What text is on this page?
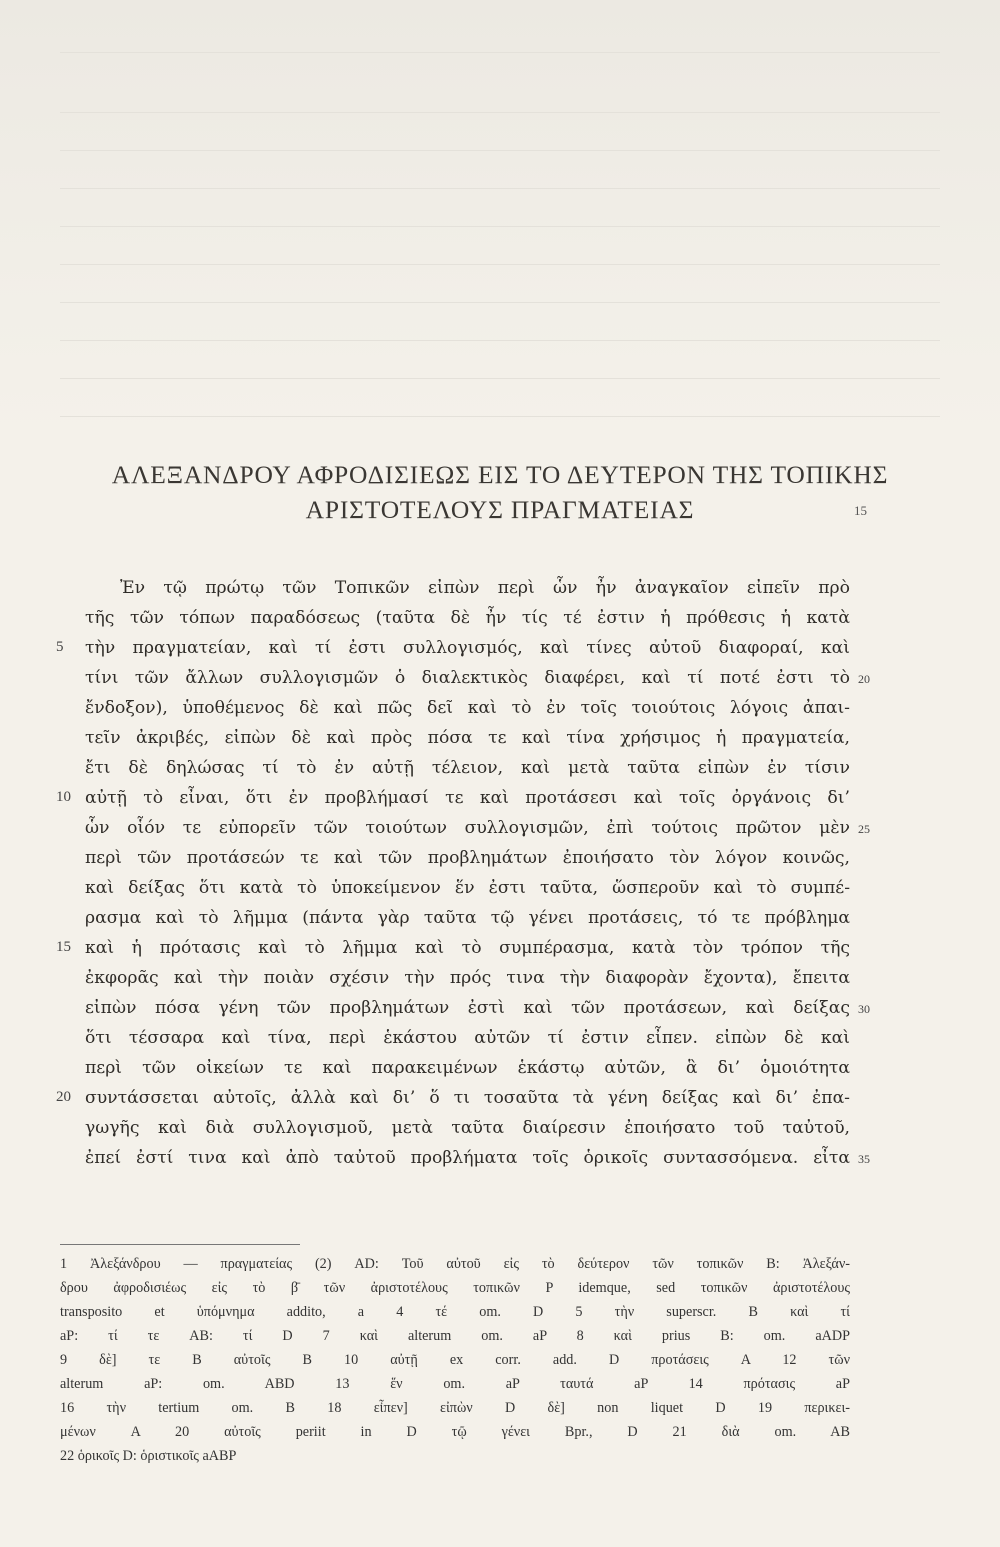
ΑΛΕΞΑΝΔΡΟΥ ΑΦΡΟΔΙΣΙΕΩΣ ΕΙΣ ΤΟ ΔΕΥΤΕΡΟΝ ΤΗΣ ΤΟΠΙΚΗΣ
ΑΡΙΣΤΟΤΕΛΟΥΣ ΠΡΑΓΜΑΤΕΙΑΣ	15
Ἐν τῷ πρώτῳ τῶν Τοπικῶν εἰπὼν περὶ ὧν ἦν ἀναγκαῖον εἰπεῖν πρὸ
τῆς τῶν τόπων παραδόσεως (ταῦτα δὲ ἦν τίς τέ ἐστιν ἡ πρόθεσις ἡ κατὰ
5	τὴν πραγματείαν, καὶ τί ἐστι συλλογισμός, καὶ τίνες αὐτοῦ διαφοραί, καὶ
τίνι τῶν ἄλλων συλλογισμῶν ὁ διαλεκτικὸς διαφέρει, καὶ τί ποτέ ἐστι τὸ 20
ἔνδοξον), ὑποθέμενος δὲ καὶ πῶς δεῖ καὶ τὸ ἐν τοῖς τοιούτοις λόγοις ἀπαι-
τεῖν ἀκριβές, εἰπὼν δὲ καὶ πρὸς πόσα τε καὶ τίνα χρήσιμος ἡ πραγματεία,
ἔτι δὲ δηλώσας τί τὸ ἐν αὐτῇ τέλειον, καὶ μετὰ ταῦτα εἰπὼν ἐν τίσιν
10 αὐτῇ τὸ εἶναι, ὅτι ἐν προβλήμασί τε καὶ προτάσεσι καὶ τοῖς ὀργάνοις δι’
ὧν οἷόν τε εὐπορεῖν τῶν τοιούτων συλλογισμῶν, ἐπὶ τούτοις πρῶτον μὲν 25
περὶ τῶν προτάσεών τε καὶ τῶν προβλημάτων ἐποιήσατο τὸν λόγον κοινῶς,
καὶ δείξας ὅτι κατὰ τὸ ὑποκείμενον ἕν ἐστι ταῦτα, ὥσπεροῦν καὶ τὸ συμπέ-
ρασμα καὶ τὸ λῆμμα (πάντα γὰρ ταῦτα τῷ γένει προτάσεις, τό τε πρόβλημα
15 καὶ ἡ πρότασις καὶ τὸ λῆμμα καὶ τὸ συμπέρασμα, κατὰ τὸν τρόπον τῆς
ἐκφορᾶς καὶ τὴν ποιὰν σχέσιν τὴν πρός τινα τὴν διαφορὰν ἔχοντα), ἔπειτα
εἰπὼν πόσα γένη τῶν προβλημάτων ἐστὶ καὶ τῶν προτάσεων, καὶ δείξας 30
ὅτι τέσσαρα καὶ τίνα, περὶ ἑκάστου αὐτῶν τί ἐστιν εἶπεν. εἰπὼν δὲ καὶ
περὶ τῶν οἰκείων τε καὶ παρακειμένων ἑκάστῳ αὐτῶν, ἃ δι’ ὁμοιότητα
20 συντάσσεται αὐτοῖς, ἀλλὰ καὶ δι’ ὅ τι τοσαῦτα τὰ γένη δείξας καὶ δι’ ἐπα-
γωγῆς καὶ διὰ συλλογισμοῦ, μετὰ ταῦτα διαίρεσιν ἐποιήσατο τοῦ ταὐτοῦ,
ἐπεί ἐστί τινα καὶ ἀπὸ ταὐτοῦ προβλήματα τοῖς ὁρικοῖς συντασσόμενα. εἶτα 35
1 Ἀλεξάνδρου — πραγματείας (2) AD: Τοῦ αὐτοῦ εἰς τὸ δεύτερον τῶν τοπικῶν B: Ἀλεξάν-
δρου ἀφροδισιέως εἰς τὸ β̄ τῶν ἀριστοτέλους τοπικῶν P idemque, sed τοπικῶν ἀριστοτέλους
transposito et ὑπόμνημα addito, a 4 τέ om. D 5 τὴν superscr. B καὶ τί
aP: τί τε AB: τί D 7 καὶ alterum om. aP 8 καὶ prius B: om. aADP
9 δὲ] τε B αὐτοῖς B 10 αὐτῇ ex corr. add. D προτάσεις A 12 τῶν
alterum aP: om. ABD 13 ἕν om. aP ταυτά aP 14 πρότασις aP
16 τὴν tertium om. B 18 εἶπεν] εἰπὼν D δὲ] non liquet D 19 περικει-
μένων A 20 αὐτοῖς periit in D τῷ γένει Bpr., D 21 διὰ om. AB
22 ὁρικοῖς D: ὁριστικοῖς aABP
